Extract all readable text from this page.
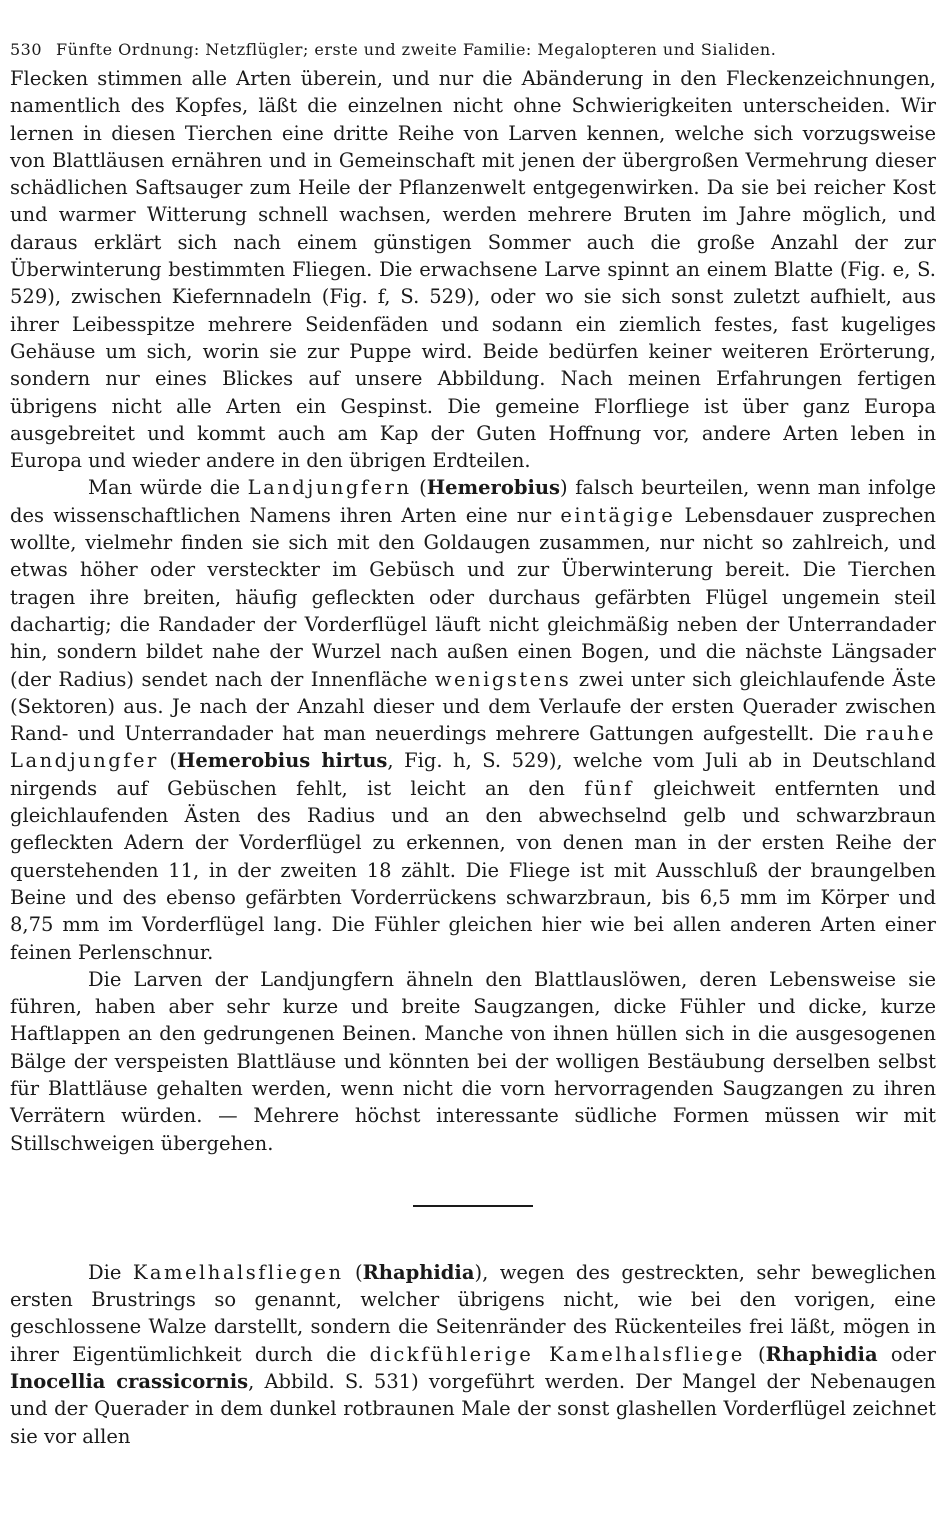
530 Fünfte Ordnung: Netzflügler; erste und zweite Familie: Megalopteren und Sialiden.

Flecken stimmen alle Arten überein, und nur die Abänderung in den Fleckenzeichnungen, namentlich des Kopfes, läßt die einzelnen nicht ohne Schwierigkeiten unterscheiden. Wir lernen in diesen Tierchen eine dritte Reihe von Larven kennen, welche sich vorzugsweise von Blattläusen ernähren und in Gemeinschaft mit jenen der übergroßen Vermehrung dieser schädlichen Saftsauger zum Heile der Pflanzenwelt entgegenwirken. Da sie bei reicher Kost und warmer Witterung schnell wachsen, werden mehrere Bruten im Jahre möglich, und daraus erklärt sich nach einem günstigen Sommer auch die große Anzahl der zur Überwinterung bestimmten Fliegen. Die erwachsene Larve spinnt an einem Blatte (Fig. e, S. 529), zwischen Kiefernnadeln (Fig. f, S. 529), oder wo sie sich sonst zuletzt aufhielt, aus ihrer Leibesspitze mehrere Seidenfäden und sodann ein ziemlich festes, fast kugeliges Gehäuse um sich, worin sie zur Puppe wird. Beide bedürfen keiner weiteren Erörterung, sondern nur eines Blickes auf unsere Abbildung. Nach meinen Erfahrungen fertigen übrigens nicht alle Arten ein Gespinst. Die gemeine Florfliege ist über ganz Europa ausgebreitet und kommt auch am Kap der Guten Hoffnung vor, andere Arten leben in Europa und wieder andere in den übrigen Erdteilen.

Man würde die Landjungfern (Hemerobius) falsch beurteilen, wenn man infolge des wissenschaftlichen Namens ihren Arten eine nur eintägige Lebensdauer zusprechen wollte, vielmehr finden sie sich mit den Goldaugen zusammen, nur nicht so zahlreich, und etwas höher oder versteckter im Gebüsch und zur Überwinterung bereit. Die Tierchen tragen ihre breiten, häufig gefleckten oder durchaus gefärbten Flügel ungemein steil dachartig; die Randader der Vorderflügel läuft nicht gleichmäßig neben der Unterrandader hin, sondern bildet nahe der Wurzel nach außen einen Bogen, und die nächste Längsader (der Radius) sendet nach der Innenfläche wenigstens zwei unter sich gleichlaufende Äste (Sektoren) aus. Je nach der Anzahl dieser und dem Verlaufe der ersten Querader zwischen Rand- und Unterrandader hat man neuerdings mehrere Gattungen aufgestellt. Die rauhe Landjungfer (Hemerobius hirtus, Fig. h, S. 529), welche vom Juli ab in Deutschland nirgends auf Gebüschen fehlt, ist leicht an den fünf gleichweit entfernten und gleichlaufenden Ästen des Radius und an den abwechselnd gelb und schwarzbraun gefleckten Adern der Vorderflügel zu erkennen, von denen man in der ersten Reihe der querstehenden 11, in der zweiten 18 zählt. Die Fliege ist mit Ausschluß der braungelben Beine und des ebenso gefärbten Vorderrückens schwarzbraun, bis 6,5 mm im Körper und 8,75 mm im Vorderflügel lang. Die Fühler gleichen hier wie bei allen anderen Arten einer feinen Perlenschnur.

Die Larven der Landjungfern ähneln den Blattlauslöwen, deren Lebensweise sie führen, haben aber sehr kurze und breite Saugzangen, dicke Fühler und dicke, kurze Haftlappen an den gedrungenen Beinen. Manche von ihnen hüllen sich in die ausgesogenen Bälge der verspeisten Blattläuse und könnten bei der wolligen Bestäubung derselben selbst für Blattläuse gehalten werden, wenn nicht die vorn hervorragenden Saugzangen zu ihren Verrätern würden. — Mehrere höchst interessante südliche Formen müssen wir mit Stillschweigen übergehen.

Die Kamelhalsfliegen (Rhaphidia), wegen des gestreckten, sehr beweglichen ersten Brustrings so genannt, welcher übrigens nicht, wie bei den vorigen, eine geschlossene Walze darstellt, sondern die Seitenränder des Rückenteiles frei läßt, mögen in ihrer Eigentümlichkeit durch die dickfühlerige Kamelhalsfliege (Rhaphidia oder Inocellia crassicornis, Abbild. S. 531) vorgeführt werden. Der Mangel der Nebenaugen und der Querader in dem dunkel rotbraunen Male der sonst glashellen Vorderflügel zeichnet sie vor allen
